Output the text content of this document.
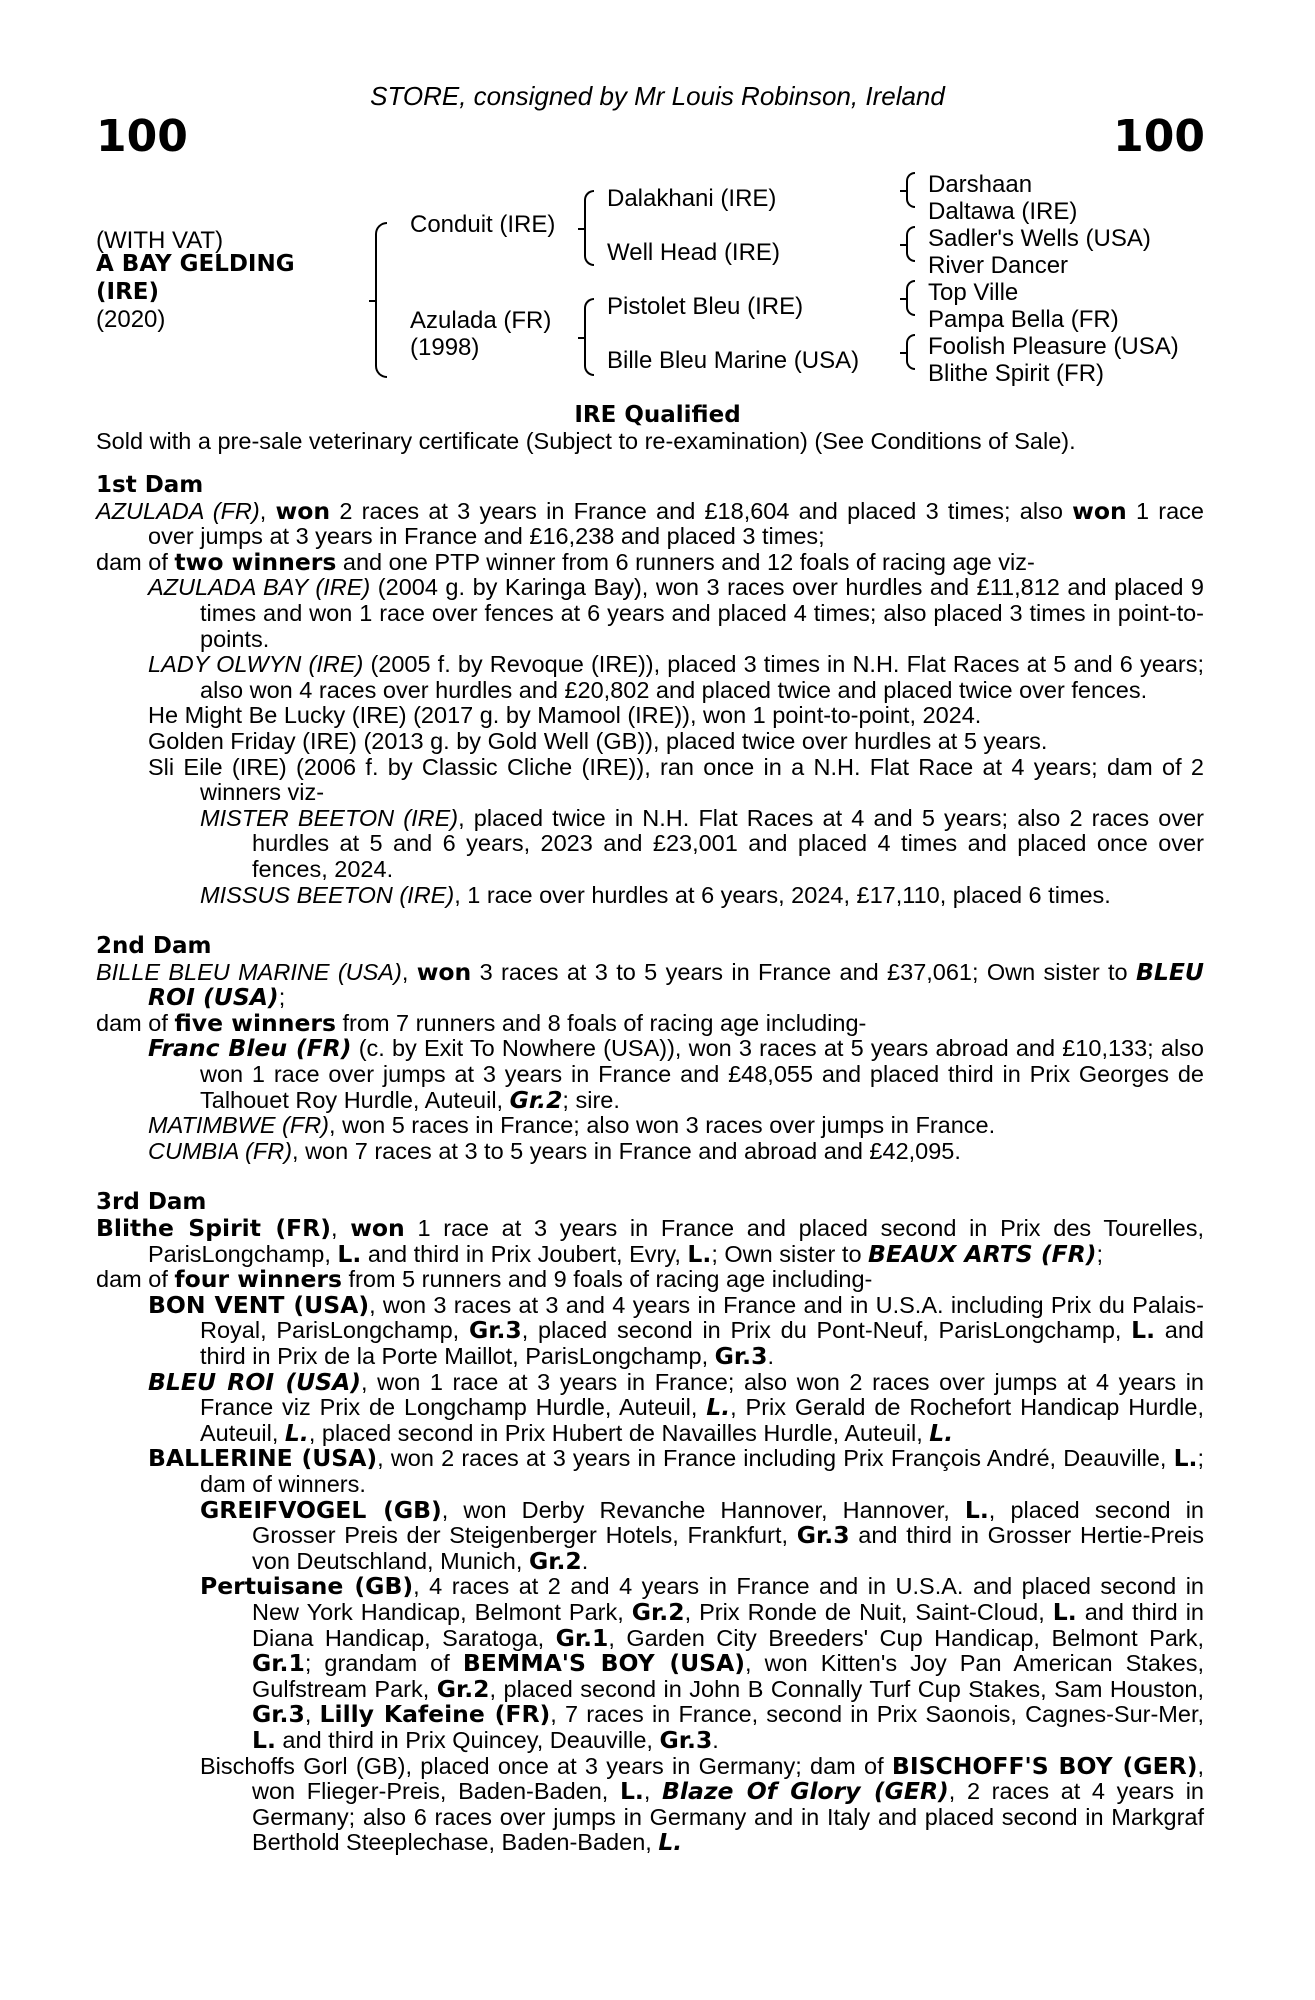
STORE, consigned by Mr Louis Robinson, Ireland
100	100
(WITH VAT)
A BAY GELDING
(IRE)
(2020)
Conduit (IRE)
Azulada (FR)
(1998)
Dalakhani (IRE)
Well Head (IRE)
Pistolet Bleu (IRE)
Bille Bleu Marine (USA)
Darshaan
Daltawa (IRE)
Sadler's Wells (USA)
River Dancer
Top Ville
Pampa Bella (FR)
Foolish Pleasure (USA)
Blithe Spirit (FR)
IRE Qualified
Sold with a pre-sale veterinary certificate (Subject to re-examination) (See Conditions of Sale).
1st Dam
AZULADA (FR), won 2 races at 3 years in France and £18,604 and placed 3 times; also won 1 race over jumps at 3 years in France and £16,238 and placed 3 times;
dam of two winners and one PTP winner from 6 runners and 12 foals of racing age viz-
AZULADA BAY (IRE) (2004 g. by Karinga Bay), won 3 races over hurdles and £11,812 and placed 9 times and won 1 race over fences at 6 years and placed 4 times; also placed 3 times in point-to-points.
LADY OLWYN (IRE) (2005 f. by Revoque (IRE)), placed 3 times in N.H. Flat Races at 5 and 6 years; also won 4 races over hurdles and £20,802 and placed twice and placed twice over fences.
He Might Be Lucky (IRE) (2017 g. by Mamool (IRE)), won 1 point-to-point, 2024.
Golden Friday (IRE) (2013 g. by Gold Well (GB)), placed twice over hurdles at 5 years.
Sli Eile (IRE) (2006 f. by Classic Cliche (IRE)), ran once in a N.H. Flat Race at 4 years; dam of 2 winners viz-
MISTER BEETON (IRE), placed twice in N.H. Flat Races at 4 and 5 years; also 2 races over hurdles at 5 and 6 years, 2023 and £23,001 and placed 4 times and placed once over fences, 2024.
MISSUS BEETON (IRE), 1 race over hurdles at 6 years, 2024, £17,110, placed 6 times.
2nd Dam
BILLE BLEU MARINE (USA), won 3 races at 3 to 5 years in France and £37,061; Own sister to BLEU ROI (USA);
dam of five winners from 7 runners and 8 foals of racing age including-
Franc Bleu (FR) (c. by Exit To Nowhere (USA)), won 3 races at 5 years abroad and £10,133; also won 1 race over jumps at 3 years in France and £48,055 and placed third in Prix Georges de Talhouet Roy Hurdle, Auteuil, Gr.2; sire.
MATIMBWE (FR), won 5 races in France; also won 3 races over jumps in France.
CUMBIA (FR), won 7 races at 3 to 5 years in France and abroad and £42,095.
3rd Dam
Blithe Spirit (FR), won 1 race at 3 years in France and placed second in Prix des Tourelles, ParisLongchamp, L. and third in Prix Joubert, Evry, L.; Own sister to BEAUX ARTS (FR);
dam of four winners from 5 runners and 9 foals of racing age including-
BON VENT (USA), won 3 races at 3 and 4 years in France and in U.S.A. including Prix du Palais-Royal, ParisLongchamp, Gr.3, placed second in Prix du Pont-Neuf, ParisLongchamp, L. and third in Prix de la Porte Maillot, ParisLongchamp, Gr.3.
BLEU ROI (USA), won 1 race at 3 years in France; also won 2 races over jumps at 4 years in France viz Prix de Longchamp Hurdle, Auteuil, L., Prix Gerald de Rochefort Handicap Hurdle, Auteuil, L., placed second in Prix Hubert de Navailles Hurdle, Auteuil, L.
BALLERINE (USA), won 2 races at 3 years in France including Prix François André, Deauville, L.; dam of winners.
GREIFVOGEL (GB), won Derby Revanche Hannover, Hannover, L., placed second in Grosser Preis der Steigenberger Hotels, Frankfurt, Gr.3 and third in Grosser Hertie-Preis von Deutschland, Munich, Gr.2.
Pertuisane (GB), 4 races at 2 and 4 years in France and in U.S.A. and placed second in New York Handicap, Belmont Park, Gr.2, Prix Ronde de Nuit, Saint-Cloud, L. and third in Diana Handicap, Saratoga, Gr.1, Garden City Breeders' Cup Handicap, Belmont Park, Gr.1; grandam of BEMMA'S BOY (USA), won Kitten's Joy Pan American Stakes, Gulfstream Park, Gr.2, placed second in John B Connally Turf Cup Stakes, Sam Houston, Gr.3, Lilly Kafeine (FR), 7 races in France, second in Prix Saonois, Cagnes-Sur-Mer, L. and third in Prix Quincey, Deauville, Gr.3.
Bischoffs Gorl (GB), placed once at 3 years in Germany; dam of BISCHOFF'S BOY (GER), won Flieger-Preis, Baden-Baden, L., Blaze Of Glory (GER), 2 races at 4 years in Germany; also 6 races over jumps in Germany and in Italy and placed second in Markgraf Berthold Steeplechase, Baden-Baden, L.
